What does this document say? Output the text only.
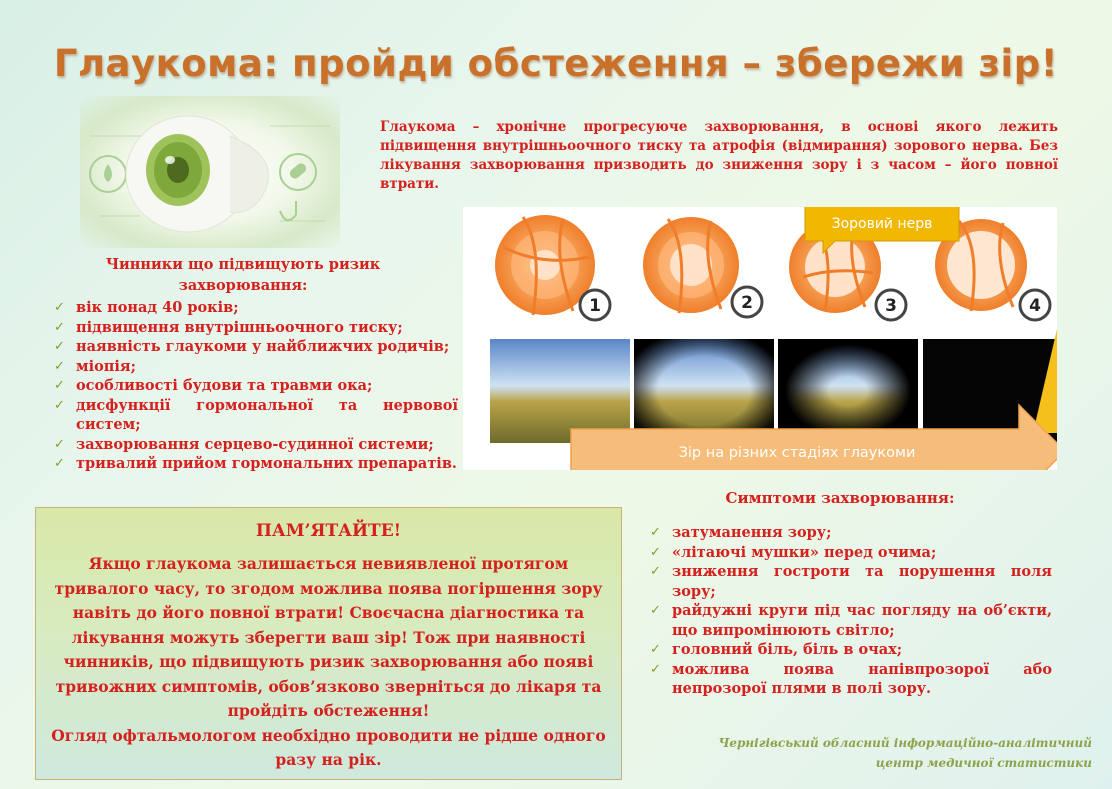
Глаукома: пройди обстеження – збережи зір!
Глаукома – хронічне прогресуюче захворювання, в основі якого лежить підвищення внутрішньоочного тиску та атрофія (відмирання) зорового нерва. Без лікування захворювання призводить до зниження зору і з часом – його повної втрати.
1	2	3	4
Зоровий нерв
Зір на різних стадіях глаукоми
Чинники що підвищують ризик
захворювання:
✓ вік понад 40 років;
✓ підвищення внутрішньоочного тиску;
✓ наявність глаукоми у найближчих родичів;
✓ міопія;
✓ особливості будови та травми ока;
✓ дисфункції гормональної та нервової систем;
✓ захворювання серцево-судинної системи;
✓ тривалий прийом гормональних препаратів.
Симптоми захворювання:
✓ затуманення зору;
✓ «літаючі мушки» перед очима;
✓ зниження гостроти та порушення поля зору;
✓ райдужні круги під час погляду на об’єкти, що випромінюють світло;
✓ головний біль, біль в очах;
✓ можлива поява напівпрозорої або непрозорої плями в полі зору.
ПАМ’ЯТАЙТЕ!
Якщо глаукома залишається невиявленої протягом тривалого часу, то згодом можлива поява погіршення зору навіть до його повної втрати! Своєчасна діагностика та лікування можуть зберегти ваш зір! Тож при наявності чинників, що підвищують ризик захворювання або появі тривожних симптомів, обов’язково зверніться до лікаря та пройдіть обстеження!
Огляд офтальмологом необхідно проводити не рідше одного разу на рік.
Чернігівський обласний інформаційно-аналітичний
центр медичної статистики
